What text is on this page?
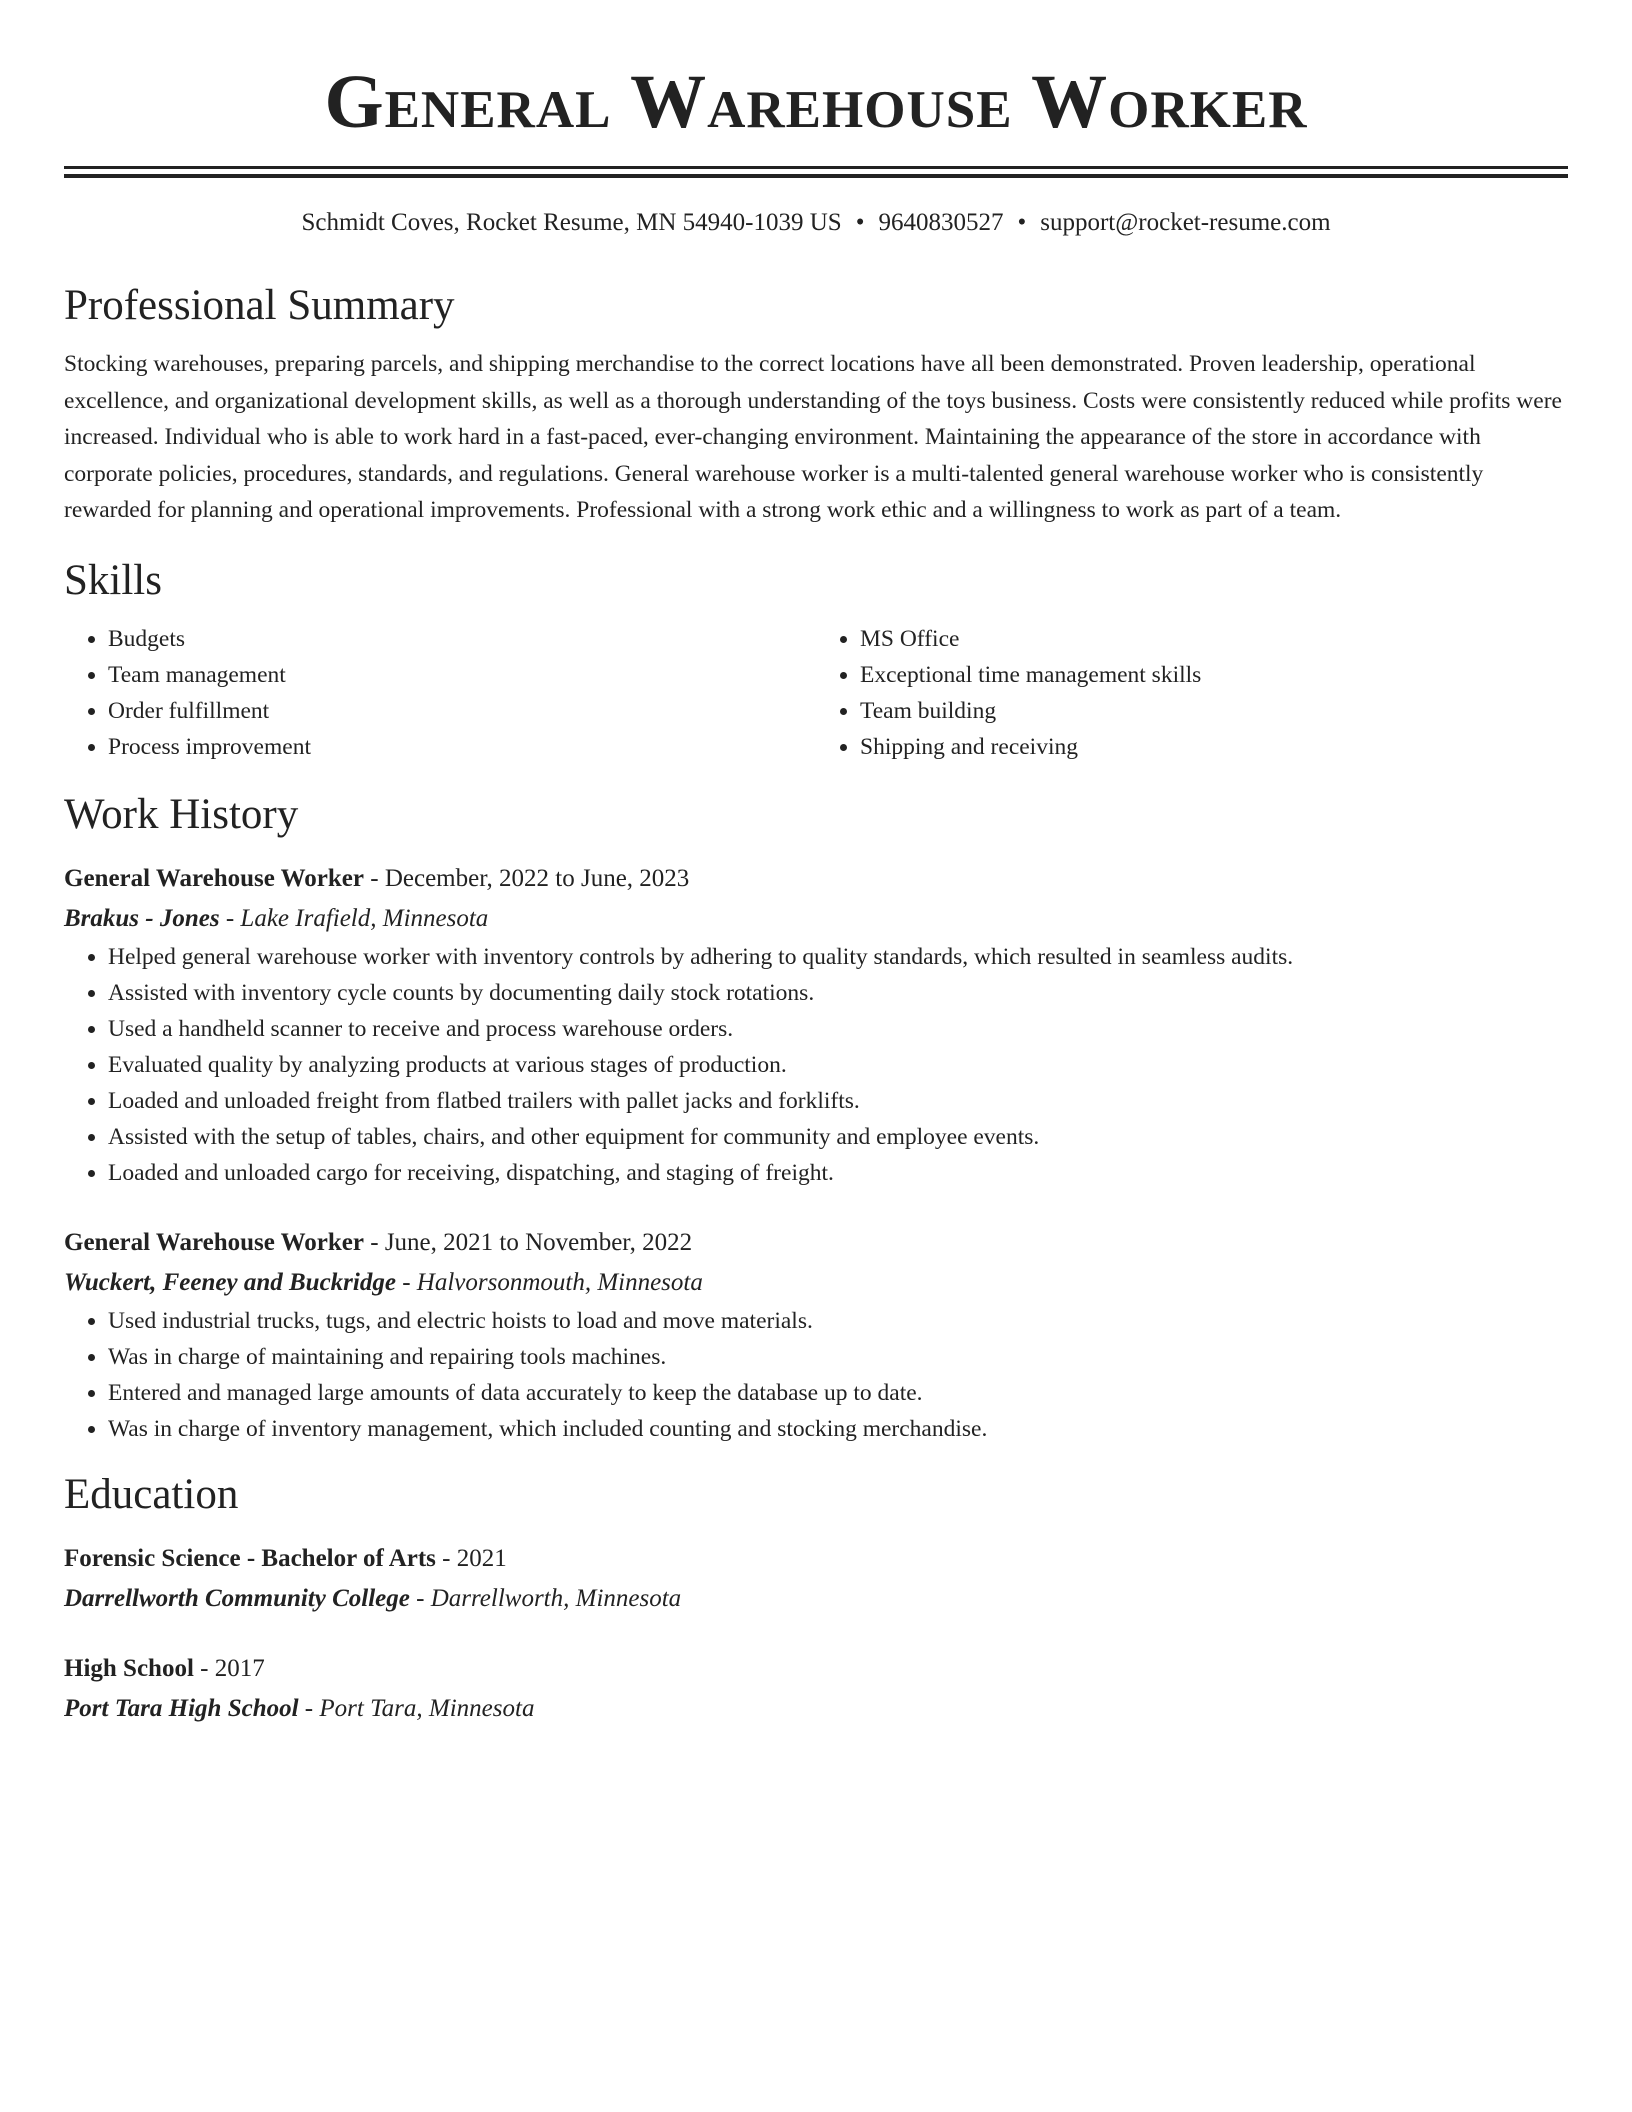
General Warehouse Worker
Schmidt Coves, Rocket Resume, MN 54940-1039 US • 9640830527 • support@rocket-resume.com
Professional Summary

Stocking warehouses, preparing parcels, and shipping merchandise to the correct locations have all been demonstrated. Proven leadership, operational excellence, and organizational development skills, as well as a thorough understanding of the toys business. Costs were consistently reduced while profits were increased. Individual who is able to work hard in a fast-paced, ever-changing environment. Maintaining the appearance of the store in accordance with corporate policies, procedures, standards, and regulations. General warehouse worker is a multi-talented general warehouse worker who is consistently rewarded for planning and operational improvements. Professional with a strong work ethic and a willingness to work as part of a team.

Skills
• Budgets
• Team management
• Order fulfillment
• Process improvement
• MS Office
• Exceptional time management skills
• Team building
• Shipping and receiving
Work History
General Warehouse Worker - December, 2022 to June, 2023
Brakus - Jones - Lake Irafield, Minnesota
• Helped general warehouse worker with inventory controls by adhering to quality standards, which resulted in seamless audits.
• Assisted with inventory cycle counts by documenting daily stock rotations.
• Used a handheld scanner to receive and process warehouse orders.
• Evaluated quality by analyzing products at various stages of production.
• Loaded and unloaded freight from flatbed trailers with pallet jacks and forklifts.
• Assisted with the setup of tables, chairs, and other equipment for community and employee events.
• Loaded and unloaded cargo for receiving, dispatching, and staging of freight.
General Warehouse Worker - June, 2021 to November, 2022
Wuckert, Feeney and Buckridge - Halvorsonmouth, Minnesota
• Used industrial trucks, tugs, and electric hoists to load and move materials.
• Was in charge of maintaining and repairing tools machines.
• Entered and managed large amounts of data accurately to keep the database up to date.
• Was in charge of inventory management, which included counting and stocking merchandise.
Education
Forensic Science - Bachelor of Arts - 2021
Darrellworth Community College - Darrellworth, Minnesota
High School - 2017
Port Tara High School - Port Tara, Minnesota
